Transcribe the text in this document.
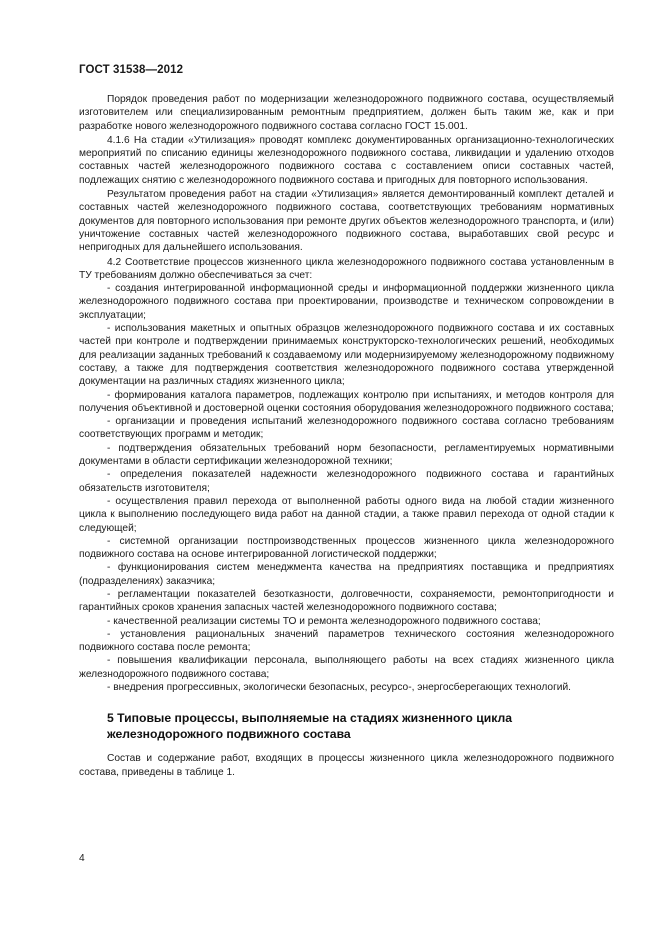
ГОСТ 31538—2012

Порядок проведения работ по модернизации железнодорожного подвижного состава, осуществляемый изготовителем или специализированным ремонтным предприятием, должен быть таким же, как и при разработке нового железнодорожного подвижного состава согласно ГОСТ 15.001.

4.1.6 На стадии «Утилизация» проводят комплекс документированных организационно-технологических мероприятий по списанию единицы железнодорожного подвижного состава, ликвидации и удалению отходов составных частей железнодорожного подвижного состава с составлением описи составных частей, подлежащих снятию с железнодорожного подвижного состава и пригодных для повторного использования.

Результатом проведения работ на стадии «Утилизация» является демонтированный комплект деталей и составных частей железнодорожного подвижного состава, соответствующих требованиям нормативных документов для повторного использования при ремонте других объектов железнодорожного транспорта, и (или) уничтожение составных частей железнодорожного подвижного состава, выработавших свой ресурс и непригодных для дальнейшего использования.

4.2 Соответствие процессов жизненного цикла железнодорожного подвижного состава установленным в ТУ требованиям должно обеспечиваться за счет:

- создания интегрированной информационной среды и информационной поддержки жизненного цикла железнодорожного подвижного состава при проектировании, производстве и техническом сопровождении в эксплуатации;

- использования макетных и опытных образцов железнодорожного подвижного состава и их составных частей при контроле и подтверждении принимаемых конструкторско-технологических решений, необходимых для реализации заданных требований к создаваемому или модернизируемому железнодорожному подвижному составу, а также для подтверждения соответствия железнодорожного подвижного состава утвержденной документации на различных стадиях жизненного цикла;

- формирования каталога параметров, подлежащих контролю при испытаниях, и методов контроля для получения объективной и достоверной оценки состояния оборудования железнодорожного подвижного состава;

- организации и проведения испытаний железнодорожного подвижного состава согласно требованиям соответствующих программ и методик;

- подтверждения обязательных требований норм безопасности, регламентируемых нормативными документами в области сертификации железнодорожной техники;

- определения показателей надежности железнодорожного подвижного состава и гарантийных обязательств изготовителя;

- осуществления правил перехода от выполненной работы одного вида на любой стадии жизненного цикла к выполнению последующего вида работ на данной стадии, а также правил перехода от одной стадии к следующей;

- системной организации постпроизводственных процессов жизненного цикла железнодорожного подвижного состава на основе интегрированной логистической поддержки;

- функционирования систем менеджмента качества на предприятиях поставщика и предприятиях (подразделениях) заказчика;

- регламентации показателей безотказности, долговечности, сохраняемости, ремонтопригодности и гарантийных сроков хранения запасных частей железнодорожного подвижного состава;

- качественной реализации системы ТО и ремонта железнодорожного подвижного состава;

- установления рациональных значений параметров технического состояния железнодорожного подвижного состава после ремонта;

- повышения квалификации персонала, выполняющего работы на всех стадиях жизненного цикла железнодорожного подвижного состава;

- внедрения прогрессивных, экологически безопасных, ресурсо-, энергосберегающих технологий.

5 Типовые процессы, выполняемые на стадиях жизненного цикла
железнодорожного подвижного состава

Состав и содержание работ, входящих в процессы жизненного цикла железнодорожного подвижного состава, приведены в таблице 1.

4
